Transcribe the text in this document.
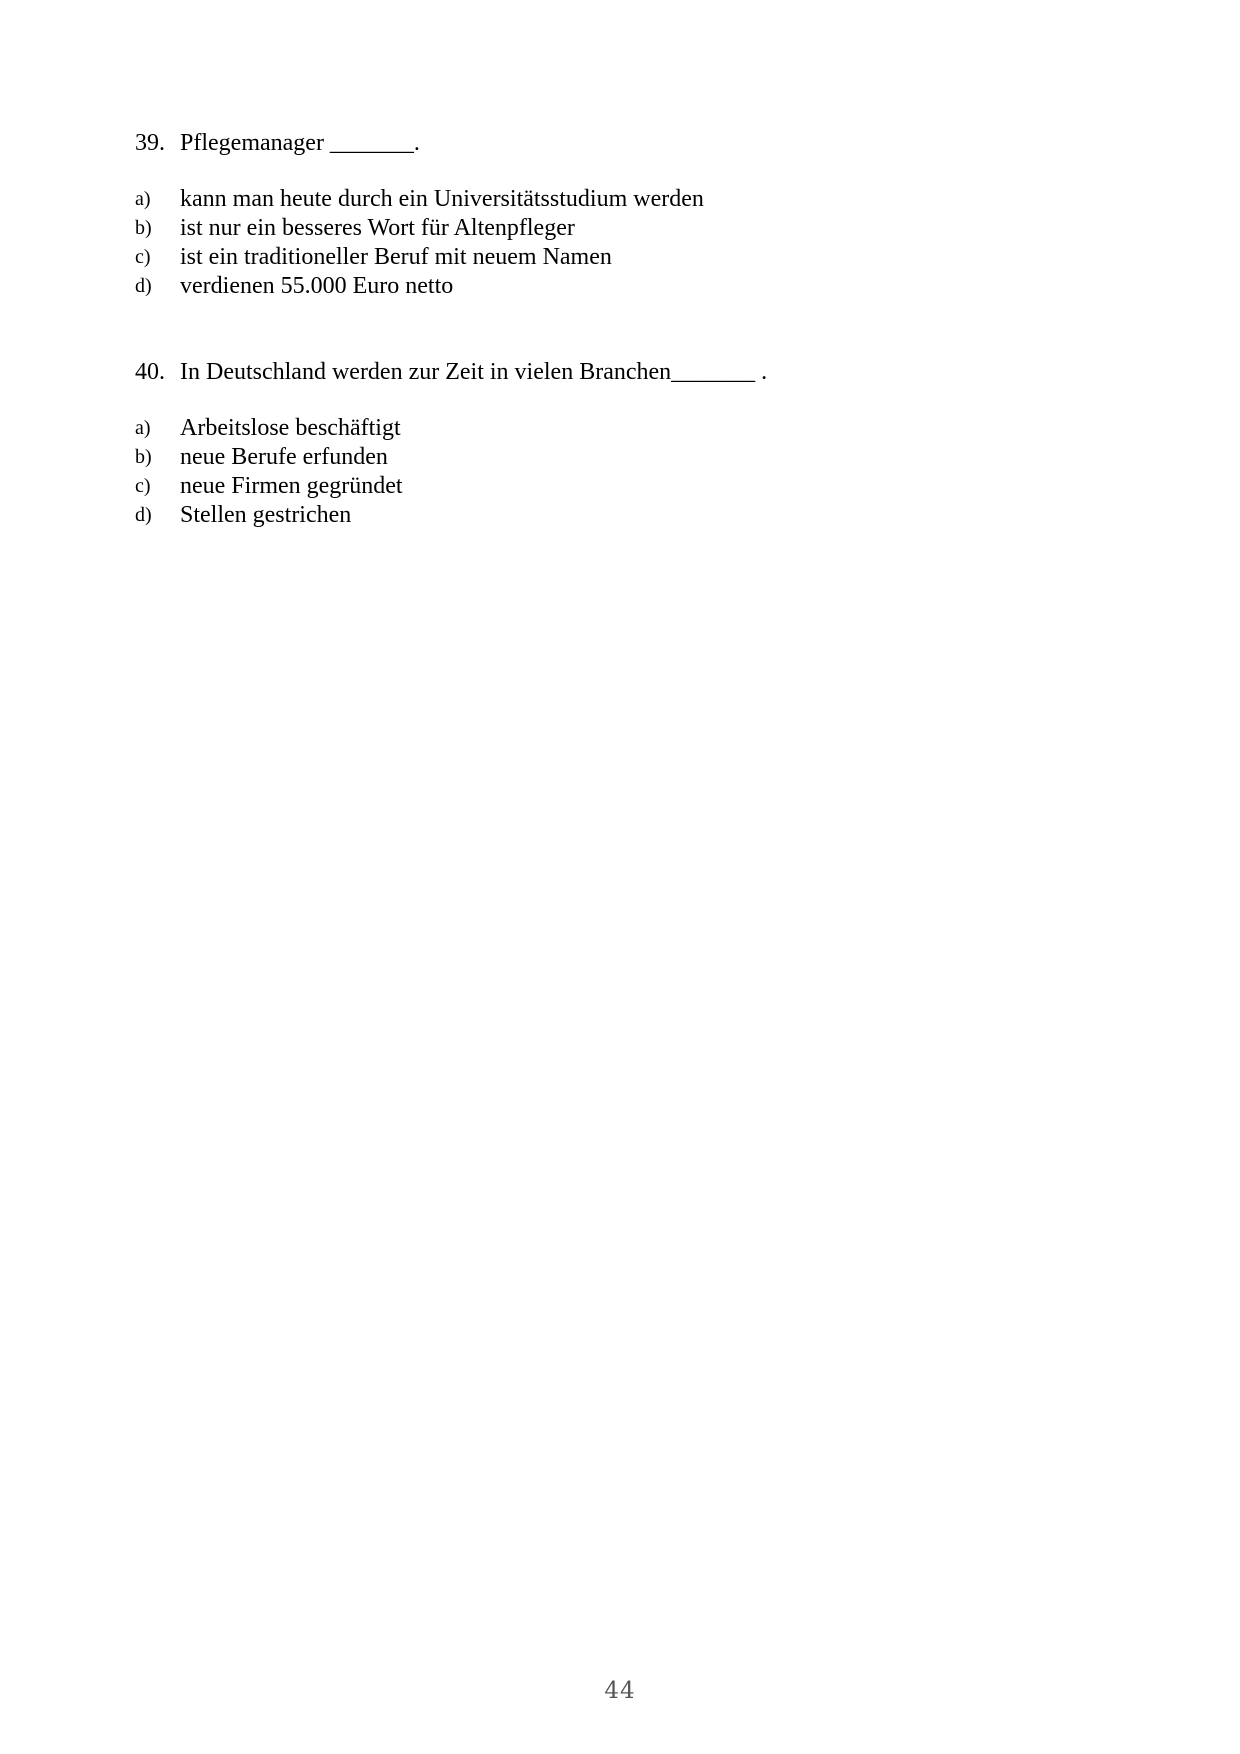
39. Pflegemanager _______.
a)	kann man heute durch ein Universitätsstudium werden
b)	ist nur ein besseres Wort für Altenpfleger
c)	ist ein traditioneller Beruf mit neuem Namen
d)	verdienen 55.000 Euro netto
40. In Deutschland werden zur Zeit in vielen Branchen_______ .
a)	Arbeitslose beschäftigt
b)	neue Berufe erfunden
c)	neue Firmen gegründet
d)	Stellen gestrichen
44
